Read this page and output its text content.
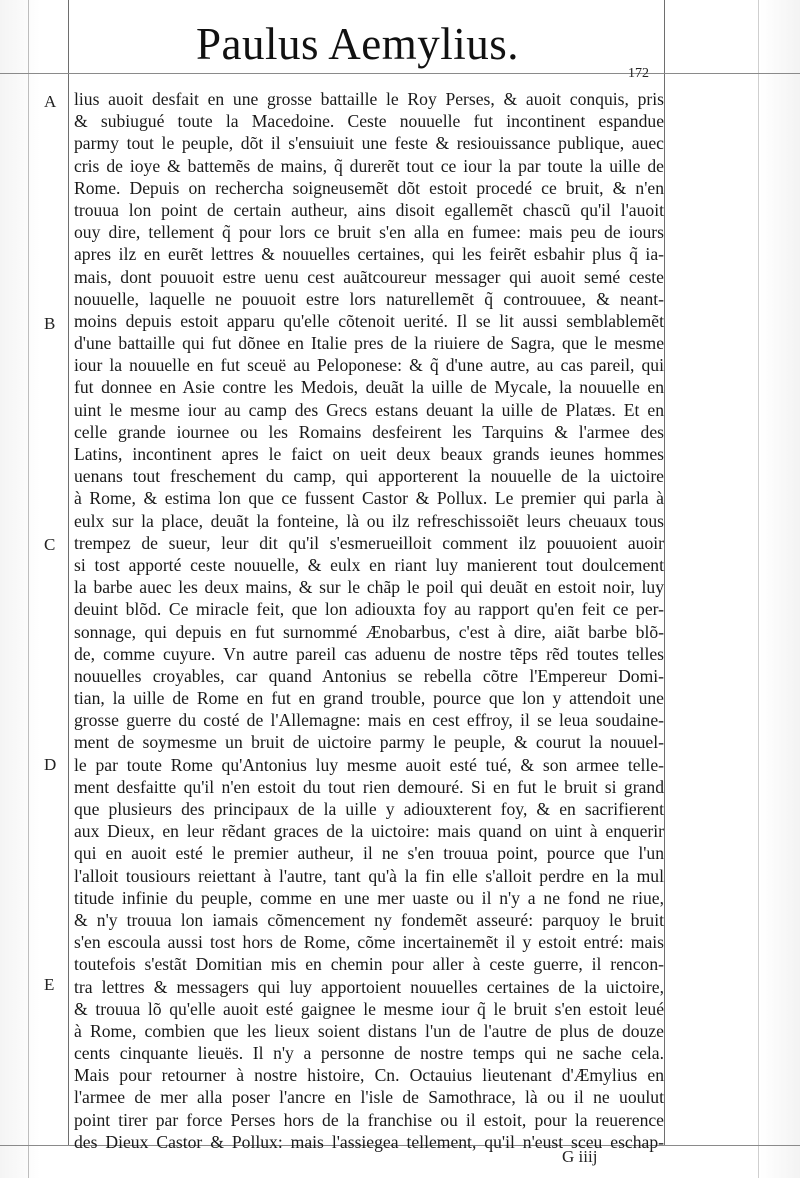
Paulus Aemylius.
172
A
B
C
D
E
lius auoit desfait en une grosse battaille le Roy Perses, & auoit conquis, pris
& subiugué toute la Macedoine. Ceste nouuelle fut incontinent espandue
parmy tout le peuple, dõt il s'ensuiuit une feste & resiouissance publique, auec
cris de ioye & battemẽs de mains, q̃ durerẽt tout ce iour la par toute la uille de
Rome. Depuis on recherchа soigneusemẽt dõt estoit procedé ce bruit, & n'en
trouua lon point de certain autheur, ains disoit egallemẽt chascũ qu'il l'auoit
ouy dire, tellement q̃ pour lors ce bruit s'en alla en fumee: mais peu de iours
apres ilz en eurẽt lettres & nouuelles certaines, qui les feirẽt esbahir plus q̃ ia-
mais, dont pouuoit estre uenu cest auãtcoureur messager qui auoit semé ceste
nouuelle, laquelle ne pouuoit estre lors naturellemẽt q̃ controuuee, & neant-
moins depuis estoit apparu qu'elle cõtenoit uerité. Il se lit aussi semblablemẽt
d'une battaille qui fut dõnee en Italie pres de la riuiere de Sagra, que le mesme
iour la nouuelle en fut sceuë au Peloponese: & q̃ d'une autre, au cas pareil, qui
fut donnee en Asie contre les Medois, deuãt la uille de Mycale, la nouuelle en
uint le mesme iour au camp des Grecs estans deuant la uille de Platæs. Et en
celle grande iournee ou les Romains desfeirent les Tarquins & l'armee des
Latins, incontinent apres le faict on ueit deux beaux grands ieunes hommes
uenans tout freschement du camp, qui apporterent la nouuelle de la uictoire
à Rome, & estima lon que ce fussent Castor & Pollux. Le premier qui parla à
eulx sur la place, deuãt la fonteine, là ou ilz refreschissoiẽt leurs cheuaux tous
trempez de sueur, leur dit qu'il s'esmerueilloit comment ilz pouuoient auoir
si tost apporté ceste nouuelle, & eulx en riant luy manierent tout doulcement
la barbe auec les deux mains, & sur le chãp le poil qui deuãt en estoit noir, luy
deuint blõd. Ce miracle feit, que lon adiouxta foy au rapport qu'en feit ce per-
sonnage, qui depuis en fut surnommé Ænobarbus, c'est à dire, aiãt barbe blõ-
de, comme cuyure. Vn autre pareil cas aduenu de nostre tẽps rẽd toutes telles
nouuelles croyables, car quand Antonius se rebella cõtre l'Empereur Domi-
tian, la uille de Rome en fut en grand trouble, pource que lon y attendoit une
grosse guerre du costé de l'Allemagne: mais en cest effroy, il se leua soudaine-
ment de soymesme un bruit de uictoire parmy le peuple, & courut la nouuel-
le par toute Rome qu'Antonius luy mesme auoit esté tué, & son armee telle-
ment desfaitte qu'il n'en estoit du tout rien demouré. Si en fut le bruit si grand
que plusieurs des principaux de la uille y adiouxterent foy, & en sacrifierent
aux Dieux, en leur rẽdant graces de la uictoire: mais quand on uint à enquerir
qui en auoit esté le premier autheur, il ne s'en trouua point, pource que l'un
l'alloit tousiours reiettant à l'autre, tant qu'à la fin elle s'alloit perdre en la mul
titude infinie du peuple, comme en une mer uaste ou il n'y a ne fond ne riue,
& n'y trouua lon iamais cõmencement ny fondemẽt asseuré: parquoy le bruit
s'en escoula aussi tost hors de Rome, cõme incertainemẽt il y estoit entré: mais
toutefois s'estãt Domitian mis en chemin pour aller à ceste guerre, il rencon-
tra lettres & messagers qui luy apportoient nouuelles certaines de la uictoire,
& trouua lõ qu'elle auoit esté gaignee le mesme iour q̃ le bruit s'en estoit leué
à Rome, combien que les lieux soient distans l'un de l'autre de plus de douze
cents cinquante lieuës. Il n'y a personne de nostre temps qui ne sache cela.
Mais pour retourner à nostre histoire, Cn. Octauius lieutenant d'Æmylius en
l'armee de mer alla poser l'ancre en l'isle de Samothrace, là ou il ne uoulut
point tirer par force Perses hors de la franchise ou il estoit, pour la reuerence
des Dieux Castor & Pollux: mais l'assiegea tellement, qu'il n'eust sceu eschap-
G iiij
